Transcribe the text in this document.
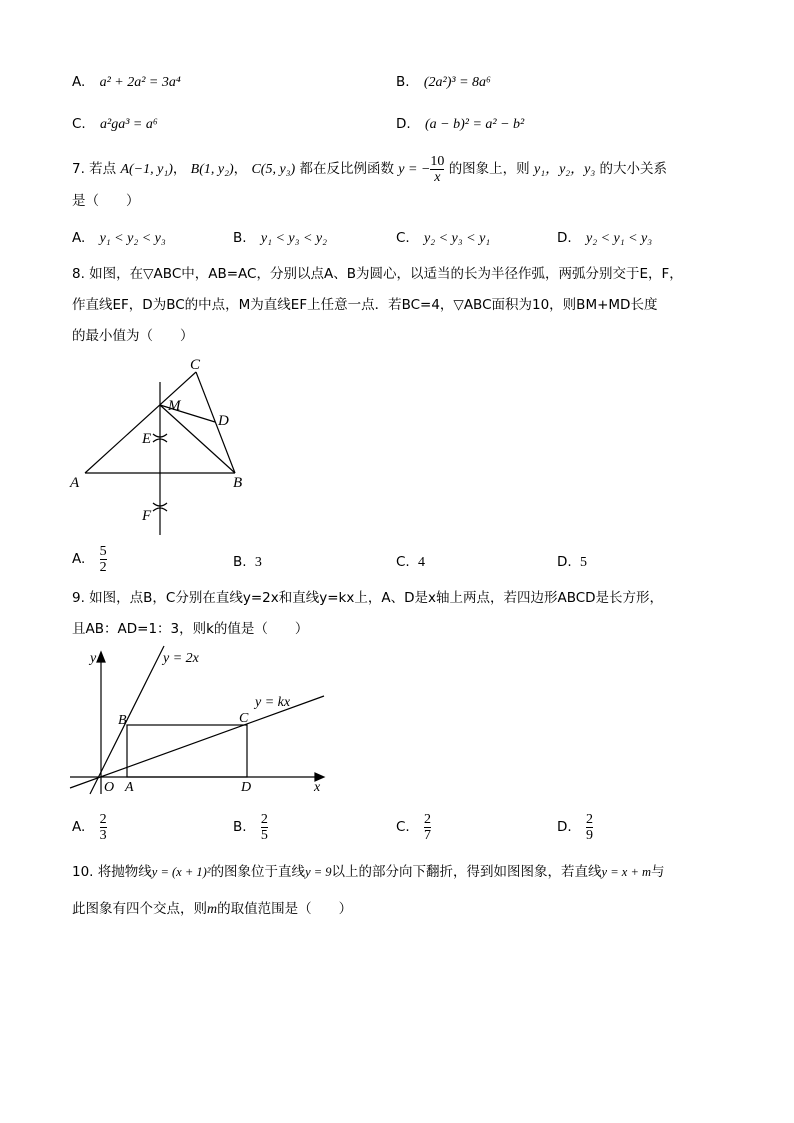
A. a² + 2a² = 3a⁴	B. (2a²)³ = 8a⁶
C. a²gа³ = a⁶	D. (a − b)² = a² − b²
7. 若点 A(−1, y₁)， B(1, y₂)， C(5, y₃) 都在反比例函数 y = − $\frac{10}{x}$ 的图象上，则 y₁，y₂，y₃ 的大小关系
是（　　）
A. y₁ < y₂ < y₃	B. y₁ < y₃ < y₂	C. y₂ < y₃ < y₁	D. y₂ < y₁ < y₃
8. 如图，在▽ABC中，AB=AC，分别以点A、B为圆心，以适当的长为半径作弧，两弧分别交于E，F，
作直线EF，D为BC的中点，M为直线EF上任意一点．若BC=4，▽ABC面积为10，则BM+MD长度
的最小值为（　　）
A	B
C
D
E
F
M
A. $\frac{5}{2}$	B. 3	C. 4	D. 5
9. 如图，点B，C分别在直线y=2x和直线y=kx上，A、D是x轴上两点，若四边形ABCD是长方形，
且AB：AD=1：3，则k的值是（　　）
y
x
O A
B	C
D
y = 2x
y = kx
A. $\frac{2}{3}$	B. $\frac{2}{5}$	C. $\frac{2}{7}$	D. $\frac{2}{9}$
10. 将抛物线y = (x + 1)²的图象位于直线y = 9以上的部分向下翻折，得到如图图象，若直线y = x + m与
此图象有四个交点，则m的取值范围是（　　）
